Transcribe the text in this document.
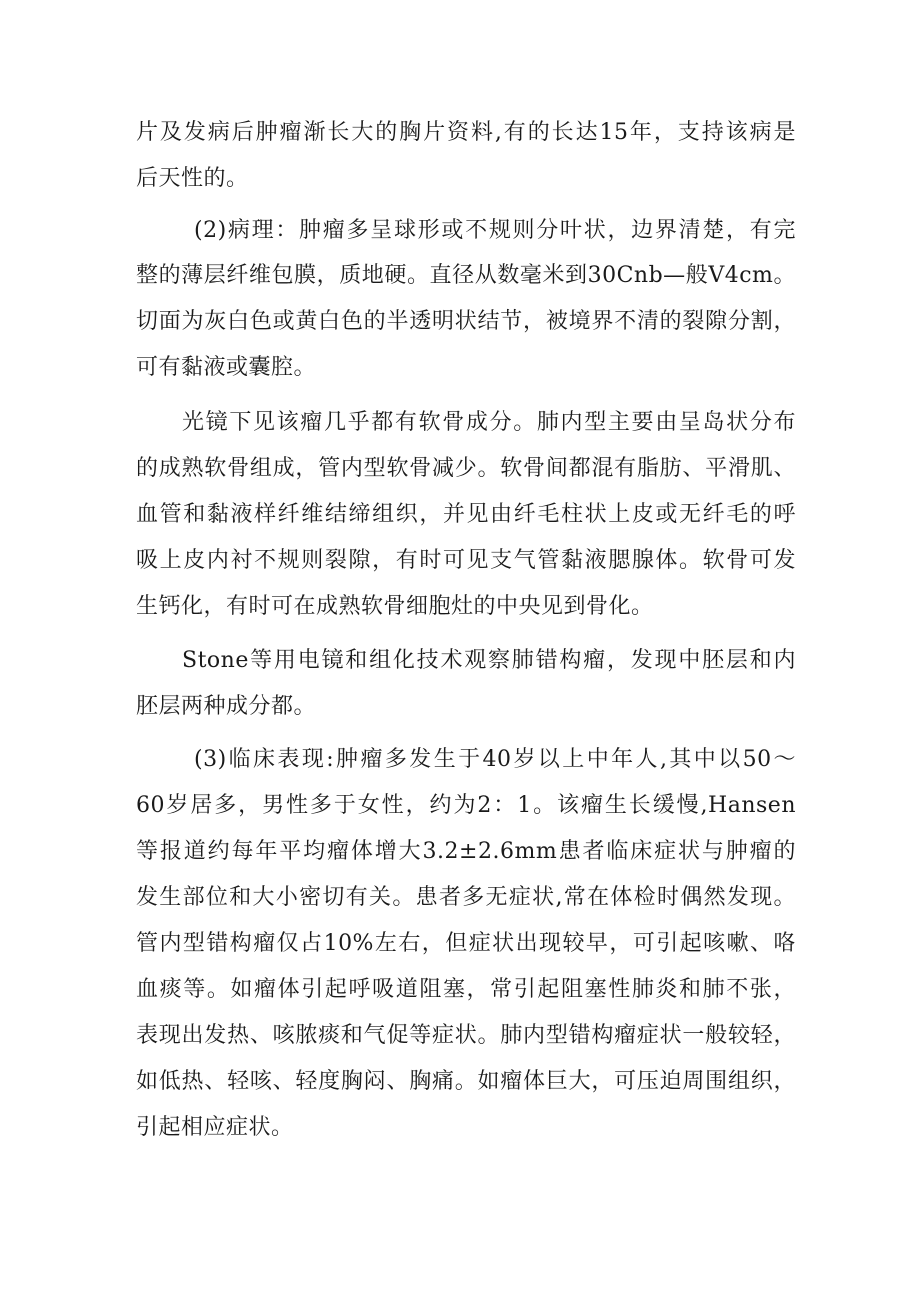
片及发病后肿瘤渐长大的胸片资料,有的长达15年，支持该病是
后天性的。
(2)病理：肿瘤多呈球形或不规则分叶状，边界清楚，有完
整的薄层纤维包膜，质地硬。直径从数毫米到30Cnb—般V4cm。
切面为灰白色或黄白色的半透明状结节，被境界不清的裂隙分割，
可有黏液或囊腔。
光镜下见该瘤几乎都有软骨成分。肺内型主要由呈岛状分布
的成熟软骨组成，管内型软骨减少。软骨间都混有脂肪、平滑肌、
血管和黏液样纤维结缔组织，并见由纤毛柱状上皮或无纤毛的呼
吸上皮内衬不规则裂隙，有时可见支气管黏液腮腺体。软骨可发
生钙化，有时可在成熟软骨细胞灶的中央见到骨化。
Stone等用电镜和组化技术观察肺错构瘤，发现中胚层和内
胚层两种成分都。
(3)临床表现:肿瘤多发生于40岁以上中年人,其中以50～
60岁居多，男性多于女性，约为2：1。该瘤生长缓慢,Hansen
等报道约每年平均瘤体增大3.2±2.6mm患者临床症状与肿瘤的
发生部位和大小密切有关。患者多无症状,常在体检时偶然发现。
管内型错构瘤仅占10%左右，但症状出现较早，可引起咳嗽、咯
血痰等。如瘤体引起呼吸道阻塞，常引起阻塞性肺炎和肺不张，
表现出发热、咳脓痰和气促等症状。肺内型错构瘤症状一般较轻，
如低热、轻咳、轻度胸闷、胸痛。如瘤体巨大，可压迫周围组织，
引起相应症状。
